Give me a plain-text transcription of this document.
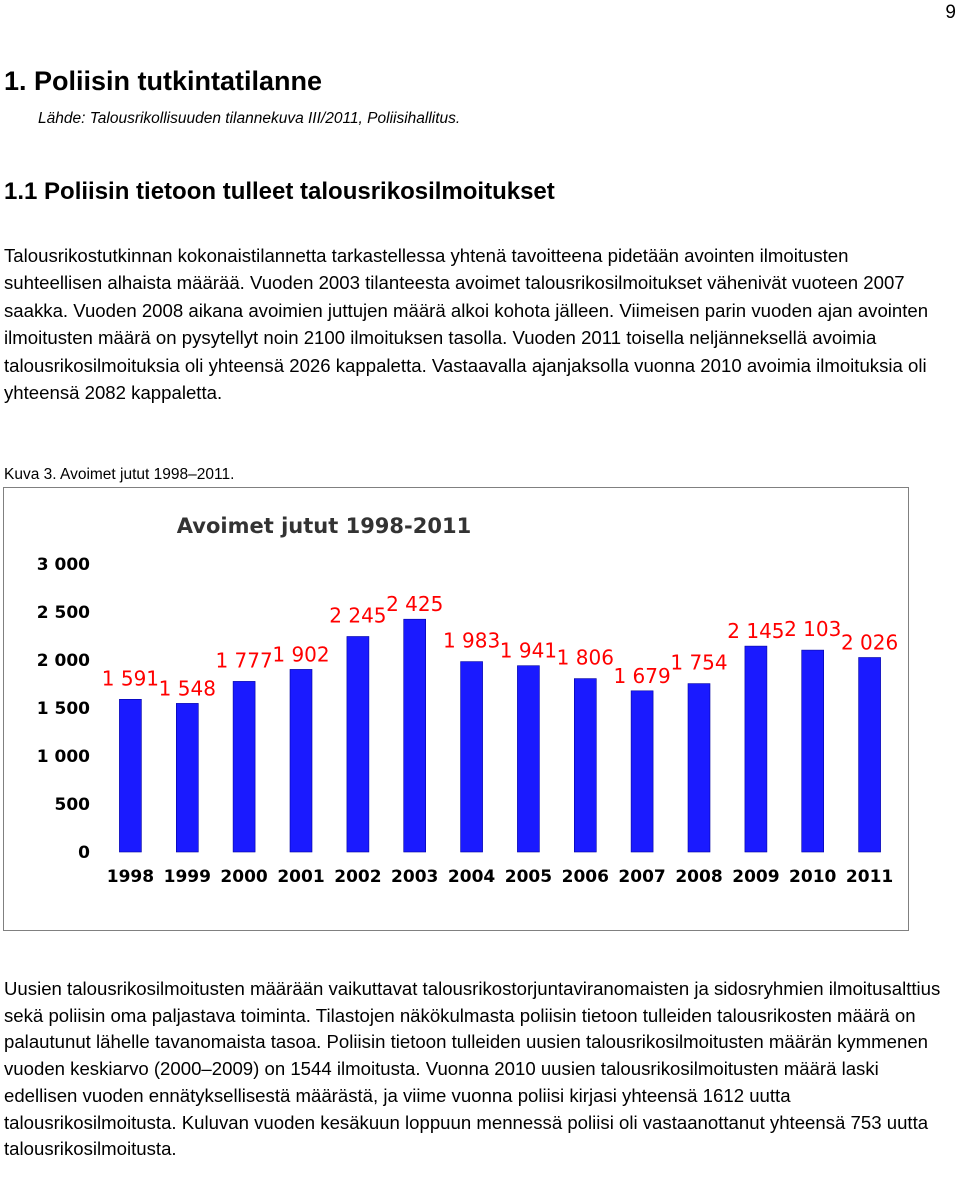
9
1. Poliisin tutkintatilanne
Lähde: Talousrikollisuuden tilannekuva III/2011, Poliisihallitus.
1.1 Poliisin tietoon tulleet talousrikosilmoitukset

Talousrikostutkinnan kokonaistilannetta tarkastellessa yhtenä tavoitteena pidetään avointen ilmoitusten suhteellisen alhaista määrää. Vuoden 2003 tilanteesta avoimet talousrikosilmoitukset vähenivät vuoteen 2007 saakka. Vuoden 2008 aikana avoimien juttujen määrä alkoi kohota jälleen. Viimeisen parin vuoden ajan avointen ilmoitusten määrä on pysytellyt noin 2100 ilmoituksen tasolla. Vuoden 2011 toisella neljänneksellä avoimia talousrikosilmoituksia oli yhteensä 2026 kappaletta. Vastaavalla ajanjaksolla vuonna 2010 avoimia ilmoituksia oli yhteensä 2082 kappaletta.

Kuva 3. Avoimet jutut 1998–2011.
Avoimet jutut 1998-2011
0
500
1 000
1 500
2 000
2 500
3 000
1 591 1 548
1 777 1 902
2 245 2 425
1 983 1 941 1 806
1 679
1 754
2 145 2 103
2 026
1998 1999 2000 2001 2002 2003 2004 2005 2006 2007 2008 2009 2010 2011

Uusien talousrikosilmoitusten määrään vaikuttavat talousrikostorjuntaviranomaisten ja sidosryhmien ilmoitusalttius sekä poliisin oma paljastava toiminta. Tilastojen näkökulmasta poliisin tietoon tulleiden talousrikosten määrä on palautunut lähelle tavanomaista tasoa. Poliisin tietoon tulleiden uusien talousrikosilmoitusten määrän kymmenen vuoden keskiarvo (2000–2009) on 1544 ilmoitusta. Vuonna 2010 uusien talousrikosilmoitusten määrä laski edellisen vuoden ennätyksellisestä määrästä, ja viime vuonna poliisi kirjasi yhteensä 1612 uutta talousrikosilmoitusta. Kuluvan vuoden kesäkuun loppuun mennessä poliisi oli vastaanottanut yhteensä 753 uutta talousrikosilmoitusta.
